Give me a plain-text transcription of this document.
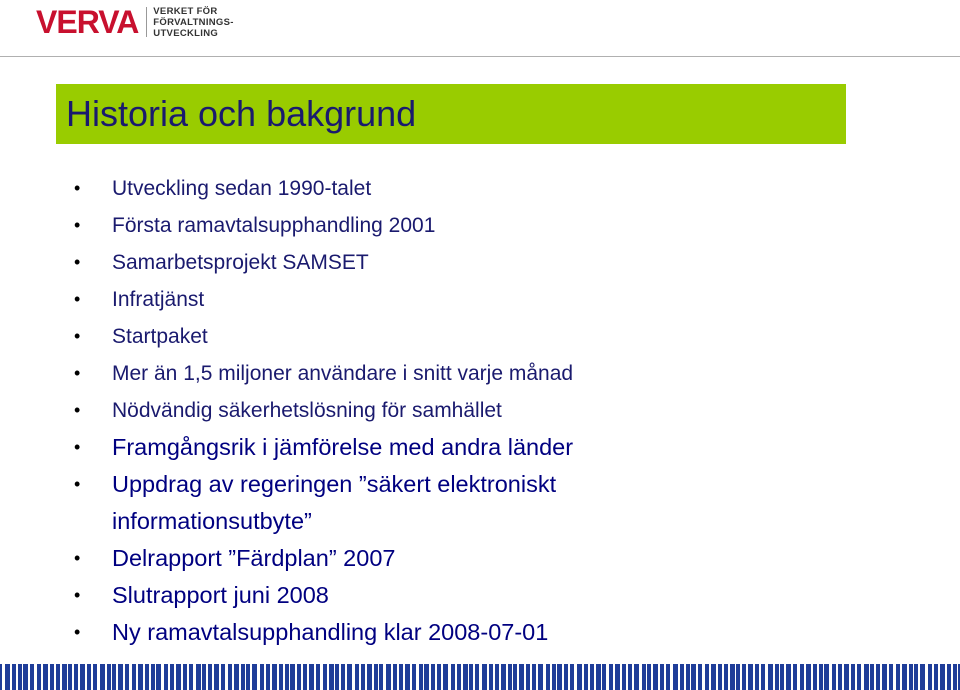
VERVA VERKET FÖR
FÖRVALTNINGS-
UTVECKLING
Historia och bakgrund
• Utveckling sedan 1990-talet
• Första ramavtalsupphandling 2001
• Samarbetsprojekt SAMSET
• Infratjänst
• Startpaket
• Mer än 1,5 miljoner användare i snitt varje månad
• Nödvändig säkerhetslösning för samhället
• Framgångsrik i jämförelse med andra länder
• Uppdrag av regeringen ”säkert elektroniskt informationsutbyte”
• Delrapport ”Färdplan” 2007
• Slutrapport juni 2008
• Ny ramavtalsupphandling klar 2008-07-01
